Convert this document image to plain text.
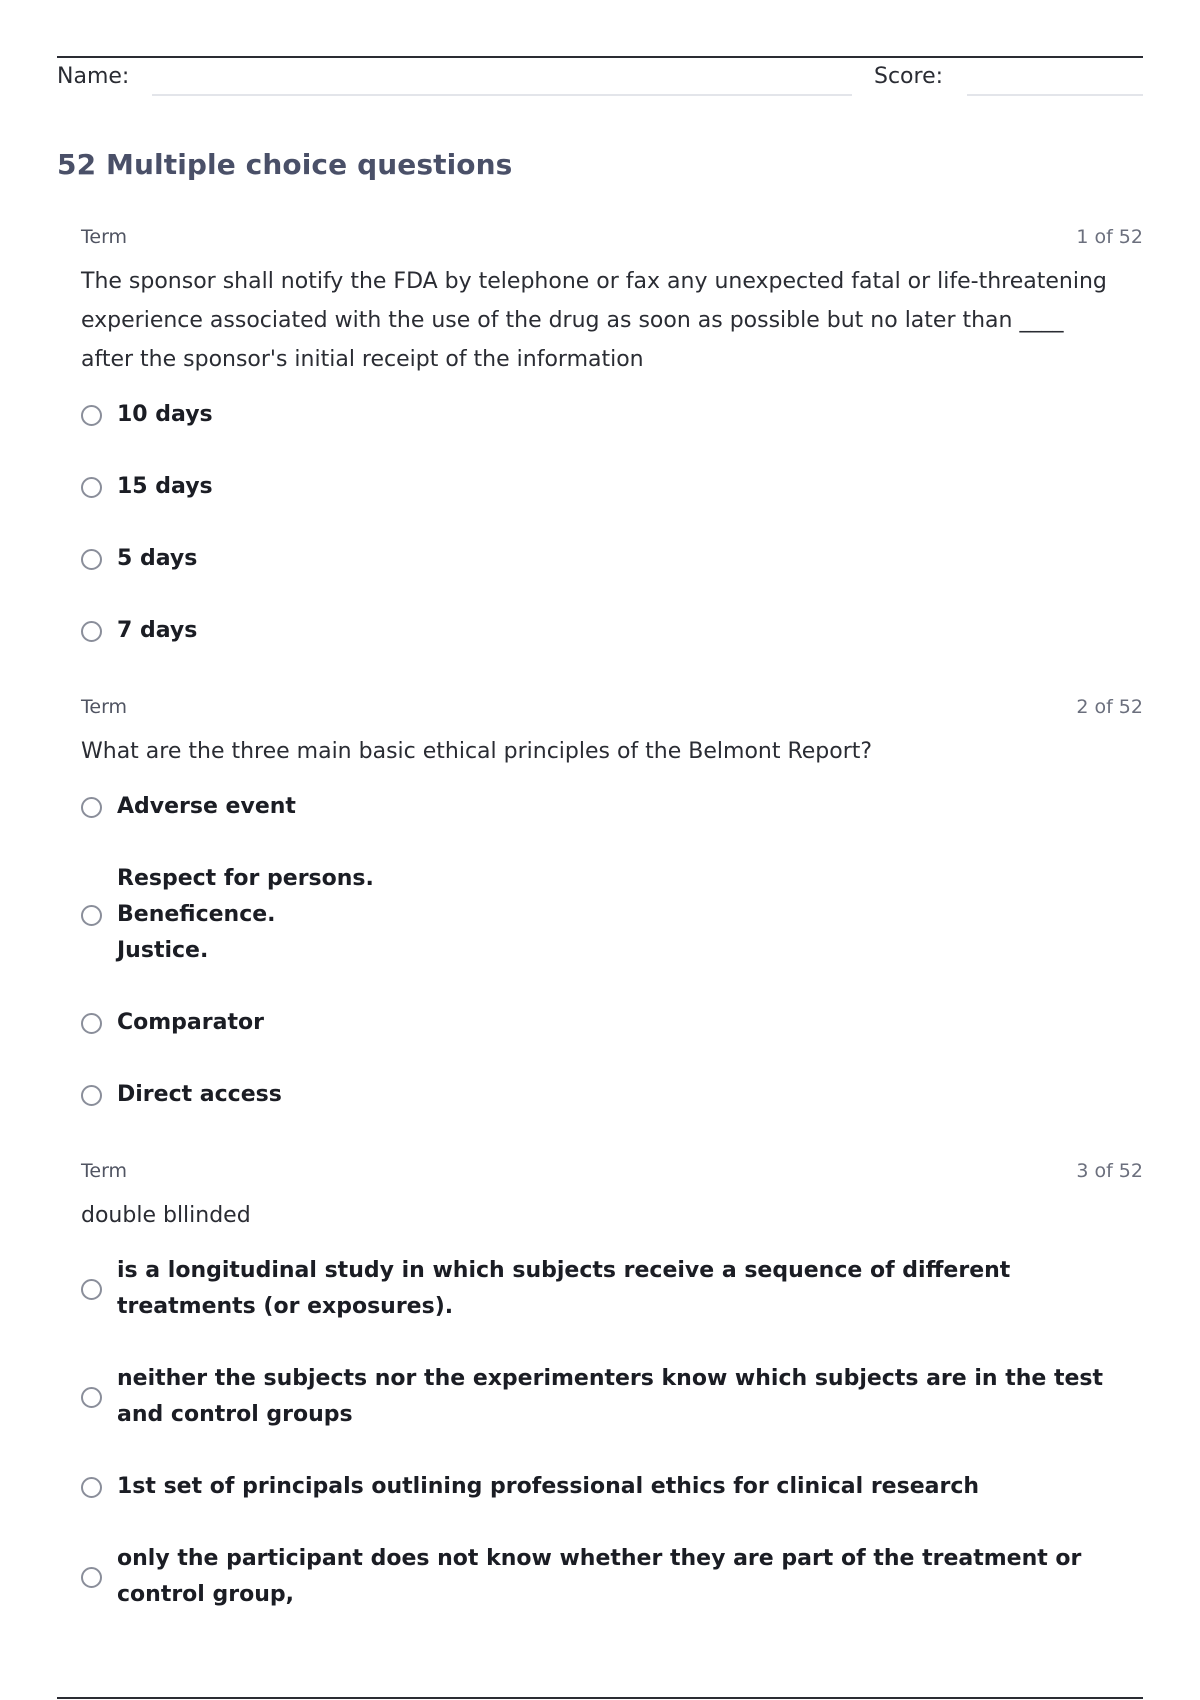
Name:	Score:
52 Multiple choice questions
Term	1 of 52
The sponsor shall notify the FDA by telephone or fax any unexpected fatal or life-threatening experience associated with the use of the drug as soon as possible but no later than ____ after the sponsor's initial receipt of the information
10 days
15 days
5 days
7 days
Term	2 of 52
What are the three main basic ethical principles of the Belmont Report?
Adverse event
Respect for persons.
Beneficence.
Justice.
Comparator
Direct access
Term	3 of 52
double bllinded
is a longitudinal study in which subjects receive a sequence of different treatments (or exposures).
neither the subjects nor the experimenters know which subjects are in the test and control groups
1st set of principals outlining professional ethics for clinical research
only the participant does not know whether they are part of the treatment or control group,
